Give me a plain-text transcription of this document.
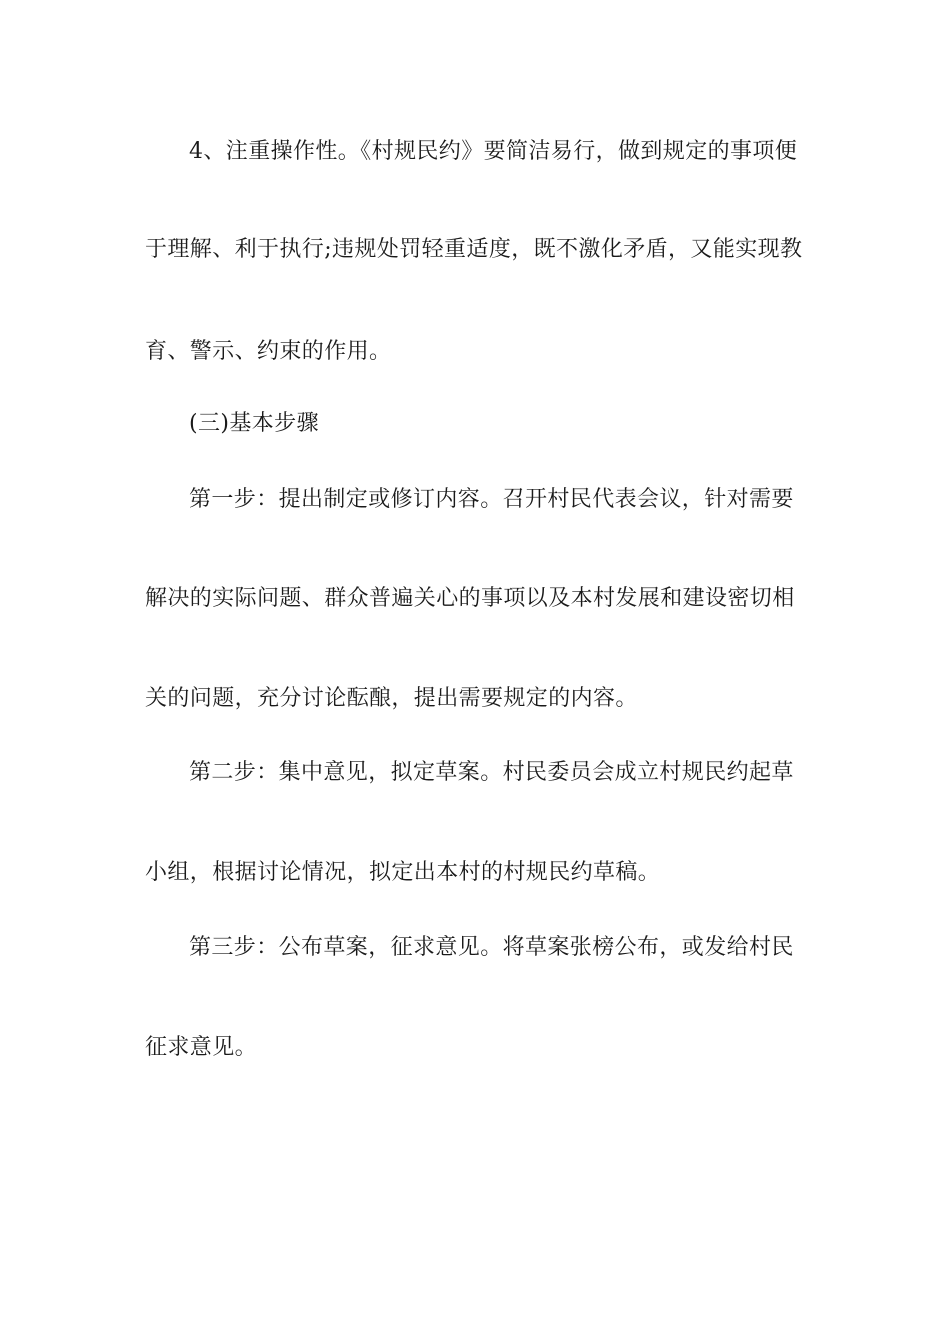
4、注重操作性。《村规民约》要简洁易行，做到规定的事项便
于理解、利于执行;违规处罚轻重适度，既不激化矛盾，又能实现教
育、警示、约束的作用。
(三)基本步骤
第一步：提出制定或修订内容。召开村民代表会议，针对需要
解决的实际问题、群众普遍关心的事项以及本村发展和建设密切相
关的问题，充分讨论酝酿，提出需要规定的内容。
第二步：集中意见，拟定草案。村民委员会成立村规民约起草
小组，根据讨论情况，拟定出本村的村规民约草稿。
第三步：公布草案，征求意见。将草案张榜公布，或发给村民
征求意见。
